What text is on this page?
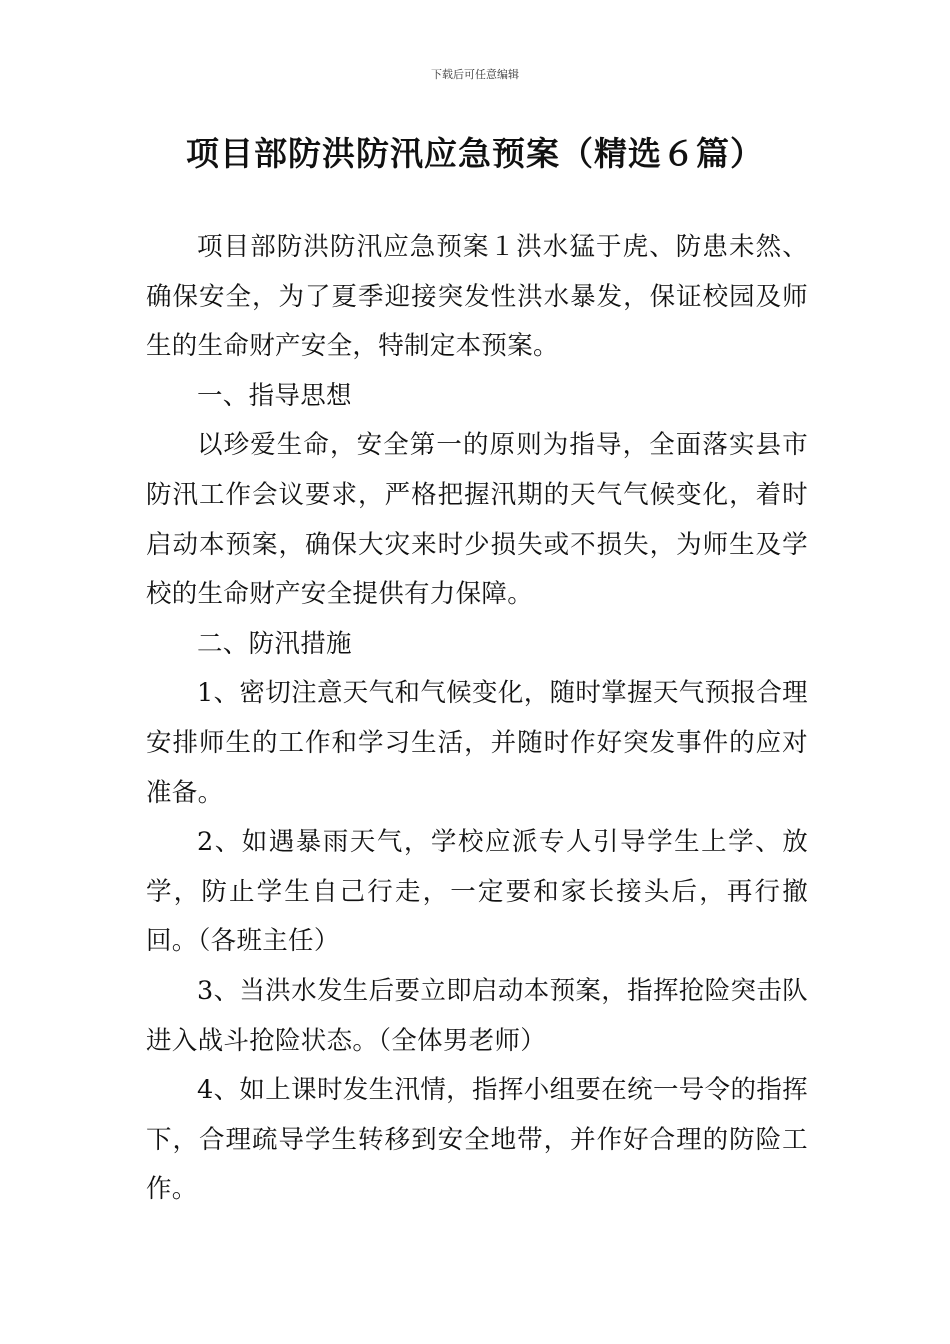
下载后可任意编辑
项目部防洪防汛应急预案（精选６篇）

项目部防洪防汛应急预案１洪水猛于虎、防患未然、确保安全，为了夏季迎接突发性洪水暴发，保证校园及师生的生命财产安全，特制定本预案。

一、指导思想

以珍爱生命，安全第一的原则为指导，全面落实县市防汛工作会议要求，严格把握汛期的天气气候变化，着时启动本预案，确保大灾来时少损失或不损失，为师生及学校的生命财产安全提供有力保障。

二、防汛措施

1、密切注意天气和气候变化，随时掌握天气预报合理安排师生的工作和学习生活，并随时作好突发事件的应对准备。

2、如遇暴雨天气，学校应派专人引导学生上学、放学，防止学生自己行走，一定要和家长接头后，再行撤回。（各班主任）

3、当洪水发生后要立即启动本预案，指挥抢险突击队进入战斗抢险状态。（全体男老师）

4、如上课时发生汛情，指挥小组要在统一号令的指挥下，合理疏导学生转移到安全地带，并作好合理的防险工作。
